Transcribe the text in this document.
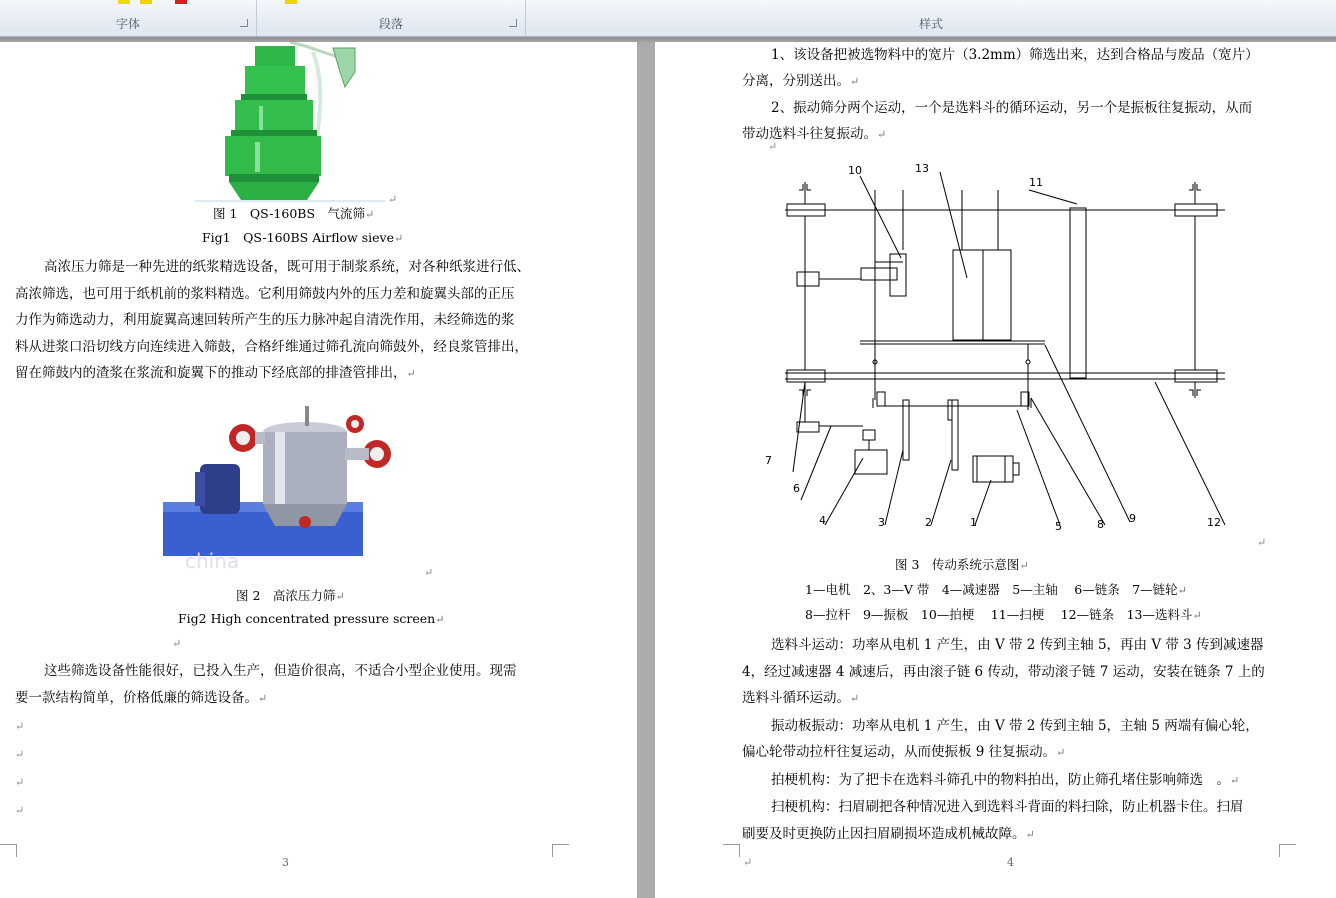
字体	段落	样式
↵
图 1　QS-160BS　气流筛↵
Fig1　QS-160BS Airflow sieve↵
高浓压力筛是一种先进的纸浆精选设备，既可用于制浆系统，对各种纸浆进行低、
高浓筛选，也可用于纸机前的浆料精选。它利用筛鼓内外的压力差和旋翼头部的正压
力作为筛选动力，利用旋翼高速回转所产生的压力脉冲起自清洗作用，未经筛选的浆
料从进浆口沿切线方向连续进入筛鼓，合格纤维通过筛孔流向筛鼓外，经良浆管排出，
留在筛鼓内的渣浆在浆流和旋翼下的推动下经底部的排渣管排出，↵
china	↵
图 2　高浓压力筛↵
Fig2 High concentrated pressure screen↵
↵
这些筛选设备性能很好，已投入生产，但造价很高，不适合小型企业使用。现需
要一款结构简单，价格低廉的筛选设备。↵
↵
↵
↵
↵
3
1、该设备把被选物料中的宽片（3.2mm）筛选出来，达到合格品与废品（宽片）
分离，分别送出。↵
2、振动筛分两个运动，一个是选料斗的循环运动，另一个是振板往复振动，从而
带动选料斗往复振动。↵
↵
1
2
3
4	5
6
7
8 9
10
11
12
13
↵
图 3　传动系统示意图↵
1—电机　2、3—V 带　4—减速器　5—主轴　 6—链条　7—链轮↵
8—拉杆　9—振板　10—拍梗　 11—扫梗　 12—链条　13—选料斗↵
选料斗运动：功率从电机 1 产生，由 V 带 2 传到主轴 5，再由 V 带 3 传到减速器
4，经过减速器 4 减速后，再由滚子链 6 传动，带动滚子链 7 运动，安装在链条 7 上的
选料斗循环运动。↵
振动板振动：功率从电机 1 产生，由 V 带 2 传到主轴 5，主轴 5 两端有偏心轮，
偏心轮带动拉杆往复运动，从而使振板 9 往复振动。↵
拍梗机构：为了把卡在选料斗筛孔中的物料拍出，防止筛孔堵住影响筛选　。↵
扫梗机构：扫眉刷把各种情况进入到选料斗背面的料扫除，防止机器卡住。扫眉
刷要及时更换防止因扫眉刷损坏造成机械故障。↵
↵	4
